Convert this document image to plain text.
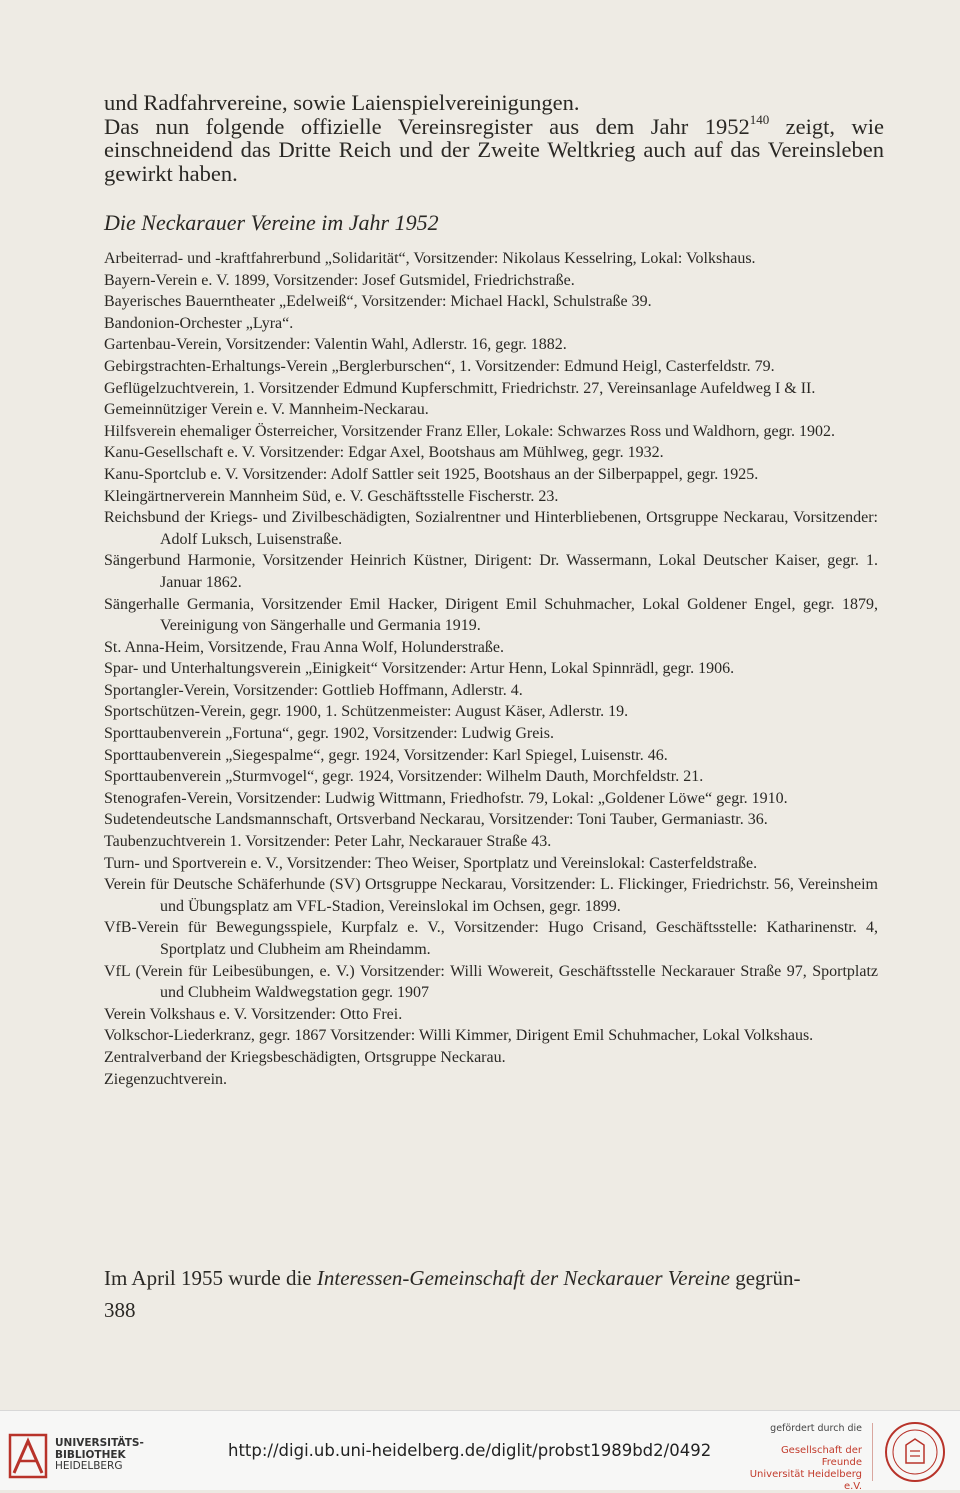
und Radfahrvereine, sowie Laienspielvereinigungen.

Das nun folgende offizielle Vereinsregister aus dem Jahr 1952$^{140}$ zeigt, wie einschneidend das Dritte Reich und der Zweite Weltkrieg auch auf das Vereinsleben gewirkt haben.

Die Neckarauer Vereine im Jahr 1952

Arbeiterrad- und -kraftfahrerbund „Solidarität“, Vorsitzender: Nikolaus Kesselring, Lokal: Volkshaus.

Bayern-Verein e. V. 1899, Vorsitzender: Josef Gutsmidel, Friedrichstraße.

Bayerisches Bauerntheater „Edelweiß“, Vorsitzender: Michael Hackl, Schulstraße 39.

Bandonion-Orchester „Lyra“.

Gartenbau-Verein, Vorsitzender: Valentin Wahl, Adlerstr. 16, gegr. 1882.

Gebirgstrachten-Erhaltungs-Verein „Berglerburschen“, 1. Vorsitzender: Edmund Heigl, Casterfeldstr. 79.

Geflügelzuchtverein, 1. Vorsitzender Edmund Kupferschmitt, Friedrichstr. 27, Vereinsanlage Aufeldweg I & II.

Gemeinnütziger Verein e. V. Mannheim-Neckarau.

Hilfsverein ehemaliger Österreicher, Vorsitzender Franz Eller, Lokale: Schwarzes Ross und Waldhorn, gegr. 1902.

Kanu-Gesellschaft e. V. Vorsitzender: Edgar Axel, Bootshaus am Mühlweg, gegr. 1932.

Kanu-Sportclub e. V. Vorsitzender: Adolf Sattler seit 1925, Bootshaus an der Silberpappel, gegr. 1925.

Kleingärtnerverein Mannheim Süd, e. V. Geschäftsstelle Fischerstr. 23.

Reichsbund der Kriegs- und Zivilbeschädigten, Sozialrentner und Hinterbliebenen, Ortsgruppe Neckarau, Vorsitzender: Adolf Luksch, Luisenstraße.

Sängerbund Harmonie, Vorsitzender Heinrich Küstner, Dirigent: Dr. Wassermann, Lokal Deutscher Kaiser, gegr. 1. Januar 1862.

Sängerhalle Germania, Vorsitzender Emil Hacker, Dirigent Emil Schuhmacher, Lokal Goldener Engel, gegr. 1879, Vereinigung von Sängerhalle und Germania 1919.

St. Anna-Heim, Vorsitzende, Frau Anna Wolf, Holunderstraße.

Spar- und Unterhaltungsverein „Einigkeit“ Vorsitzender: Artur Henn, Lokal Spinnrädl, gegr. 1906.

Sportangler-Verein, Vorsitzender: Gottlieb Hoffmann, Adlerstr. 4.

Sportschützen-Verein, gegr. 1900, 1. Schützenmeister: August Käser, Adlerstr. 19.

Sporttaubenverein „Fortuna“, gegr. 1902, Vorsitzender: Ludwig Greis.

Sporttaubenverein „Siegespalme“, gegr. 1924, Vorsitzender: Karl Spiegel, Luisenstr. 46.

Sporttaubenverein „Sturmvogel“, gegr. 1924, Vorsitzender: Wilhelm Dauth, Morchfeldstr. 21.

Stenografen-Verein, Vorsitzender: Ludwig Wittmann, Friedhofstr. 79, Lokal: „Goldener Löwe“ gegr. 1910.

Sudetendeutsche Landsmannschaft, Ortsverband Neckarau, Vorsitzender: Toni Tauber, Germaniastr. 36.

Taubenzuchtverein 1. Vorsitzender: Peter Lahr, Neckarauer Straße 43.

Turn- und Sportverein e. V., Vorsitzender: Theo Weiser, Sportplatz und Vereinslokal: Casterfeldstraße.

Verein für Deutsche Schäferhunde (SV) Ortsgruppe Neckarau, Vorsitzender: L. Flickinger, Friedrichstr. 56, Vereinsheim und Übungsplatz am VFL-Stadion, Vereinslokal im Ochsen, gegr. 1899.

VfB-Verein für Bewegungsspiele, Kurpfalz e. V., Vorsitzender: Hugo Crisand, Geschäftsstelle: Katharinenstr. 4, Sportplatz und Clubheim am Rheindamm.

VfL (Verein für Leibesübungen, e. V.) Vorsitzender: Willi Wowereit, Geschäftsstelle Neckarauer Straße 97, Sportplatz und Clubheim Waldwegstation gegr. 1907

Verein Volkshaus e. V. Vorsitzender: Otto Frei.

Volkschor-Liederkranz, gegr. 1867 Vorsitzender: Willi Kimmer, Dirigent Emil Schuhmacher, Lokal Volkshaus.

Zentralverband der Kriegsbeschädigten, Ortsgruppe Neckarau.

Ziegenzuchtverein.

Im April 1955 wurde die Interessen-Gemeinschaft der Neckarauer Vereine gegrün-
388
UNIVERSITÄTS-
BIBLIOTHEK
HEIDELBERG
http://digi.ub.uni-heidelberg.de/diglit/probst1989bd2/0492
gefördert durch die
Gesellschaft der Freunde
Universität Heidelberg e.V.
